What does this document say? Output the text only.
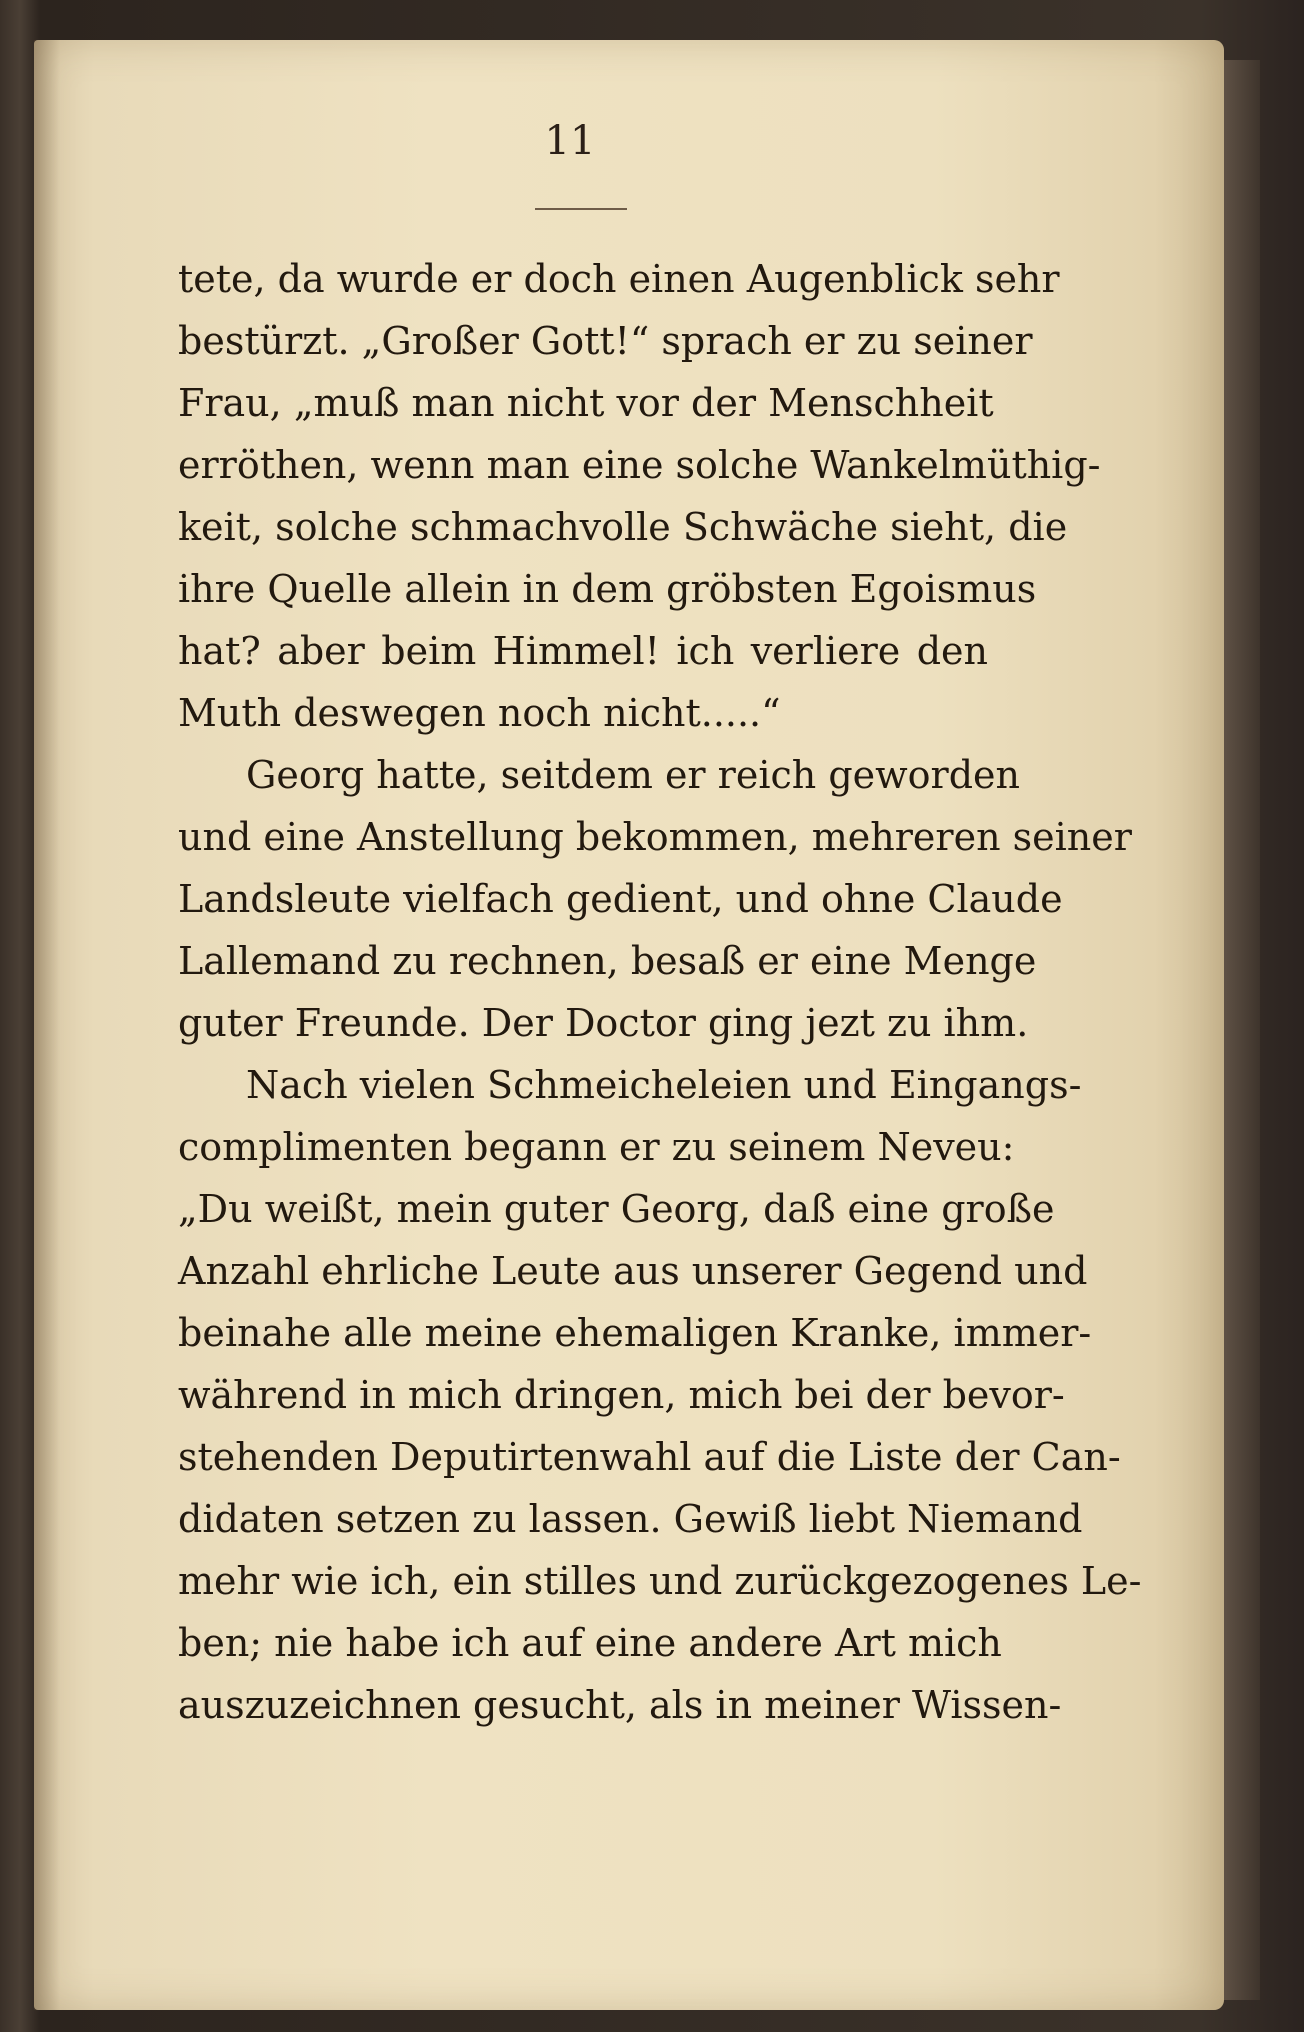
11
tete, da wurde er doch einen Augenblick sehr
bestürzt. „Großer Gott!“ sprach er zu seiner
Frau, „muß man nicht vor der Menschheit
erröthen, wenn man eine solche Wankelmüthig-
keit, solche schmachvolle Schwäche sieht, die
ihre Quelle allein in dem gröbsten Egoismus
hat? aber beim Himmel! ich verliere den
Muth deswegen noch nicht.....“
Georg hatte, seitdem er reich geworden
und eine Anstellung bekommen, mehreren seiner
Landsleute vielfach gedient, und ohne Claude
Lallemand zu rechnen, besaß er eine Menge
guter Freunde. Der Doctor ging jezt zu ihm.
Nach vielen Schmeicheleien und Eingangs-
complimenten begann er zu seinem Neveu:
„Du weißt, mein guter Georg, daß eine große
Anzahl ehrliche Leute aus unserer Gegend und
beinahe alle meine ehemaligen Kranke, immer-
während in mich dringen, mich bei der bevor-
stehenden Deputirtenwahl auf die Liste der Can-
didaten setzen zu lassen. Gewiß liebt Niemand
mehr wie ich, ein stilles und zurückgezogenes Le-
ben; nie habe ich auf eine andere Art mich
auszuzeichnen gesucht, als in meiner Wissen-
